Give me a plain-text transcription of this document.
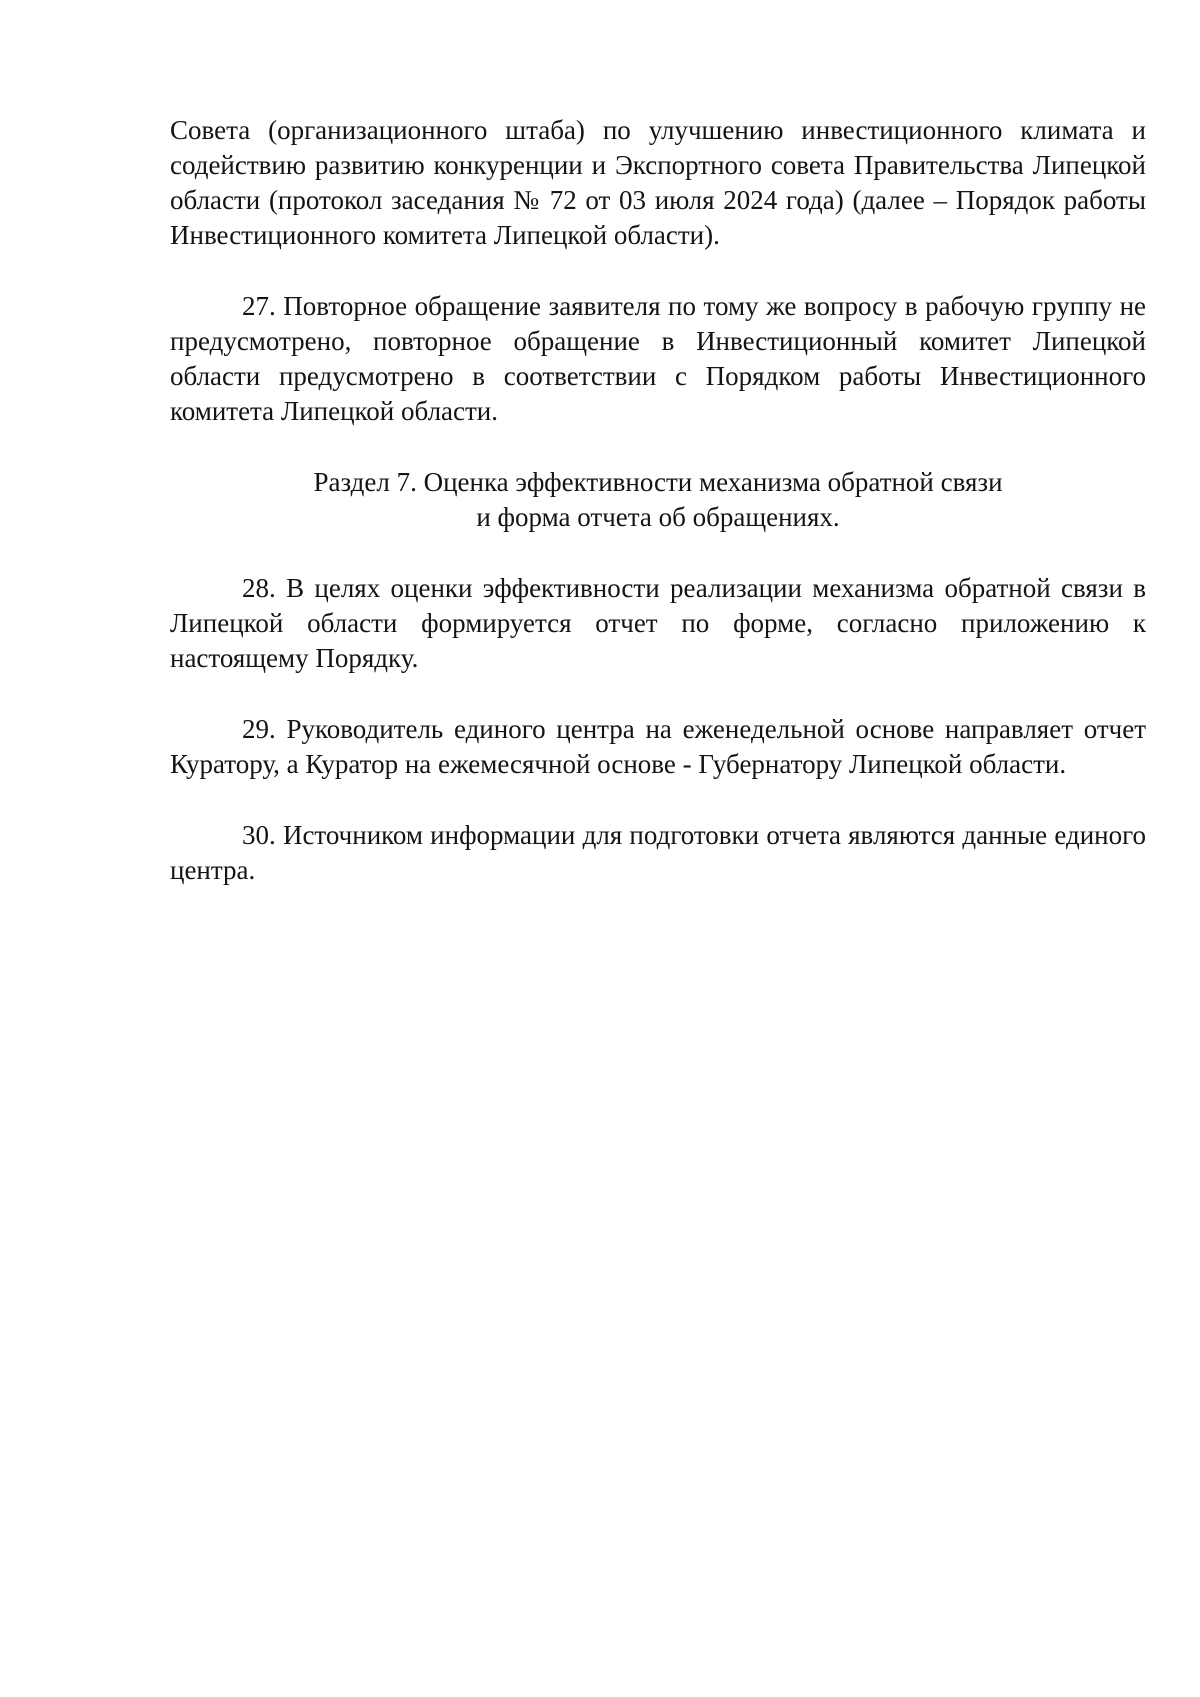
Совета (организационного штаба) по улучшению инвестиционного климата и содействию развитию конкуренции и Экспортного совета Правительства Липецкой области (протокол заседания № 72 от 03 июля 2024 года) (далее – Порядок работы Инвестиционного комитета Липецкой области).

27. Повторное обращение заявителя по тому же вопросу в рабочую группу не предусмотрено, повторное обращение в Инвестиционный комитет Липецкой области предусмотрено в соответствии с Порядком работы Инвестиционного комитета Липецкой области.

Раздел 7. Оценка эффективности механизма обратной связи
и форма отчета об обращениях.

28. В целях оценки эффективности реализации механизма обратной связи в Липецкой области формируется отчет по форме, согласно приложению к настоящему Порядку.

29. Руководитель единого центра на еженедельной основе направляет отчет Куратору, а Куратор на ежемесячной основе - Губернатору Липецкой области.

30. Источником информации для подготовки отчета являются данные единого центра.
